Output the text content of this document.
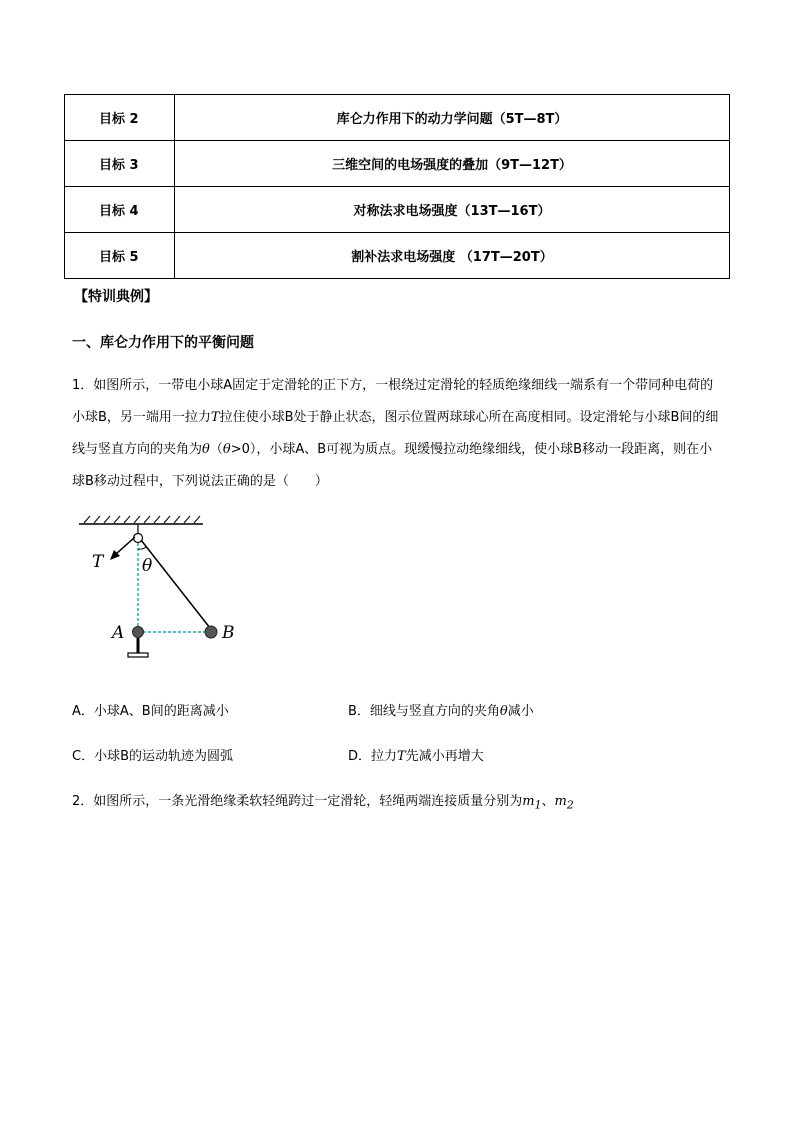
目标 2	库仑力作用下的动力学问题（5T—8T）
目标 3	三维空间的电场强度的叠加（9T—12T）
目标 4	对称法求电场强度（13T—16T）
目标 5	割补法求电场强度 （17T—20T）
【特训典例】
一、库仑力作用下的平衡问题
1．如图所示，一带电小球A固定于定滑轮的正下方，一根绕过定滑轮的轻质绝缘细线一端系有一个带同种电荷的小球B，另一端用一拉力T拉住使小球B处于静止状态，图示位置两球球心所在高度相同。设定滑轮与小球B间的细线与竖直方向的夹角为θ（θ>0），小球A、B可视为质点。现缓慢拉动绝缘细线，使小球B移动一段距离，则在小球B移动过程中，下列说法正确的是（　　）
T θ
A	B
A．小球A、B间的距离减小	B．细线与竖直方向的夹角θ减小
C．小球B的运动轨迹为圆弧	D．拉力T先减小再增大
2．如图所示，一条光滑绝缘柔软轻绳跨过一定滑轮，轻绳两端连接质量分别为$m_1$、$m_2$
